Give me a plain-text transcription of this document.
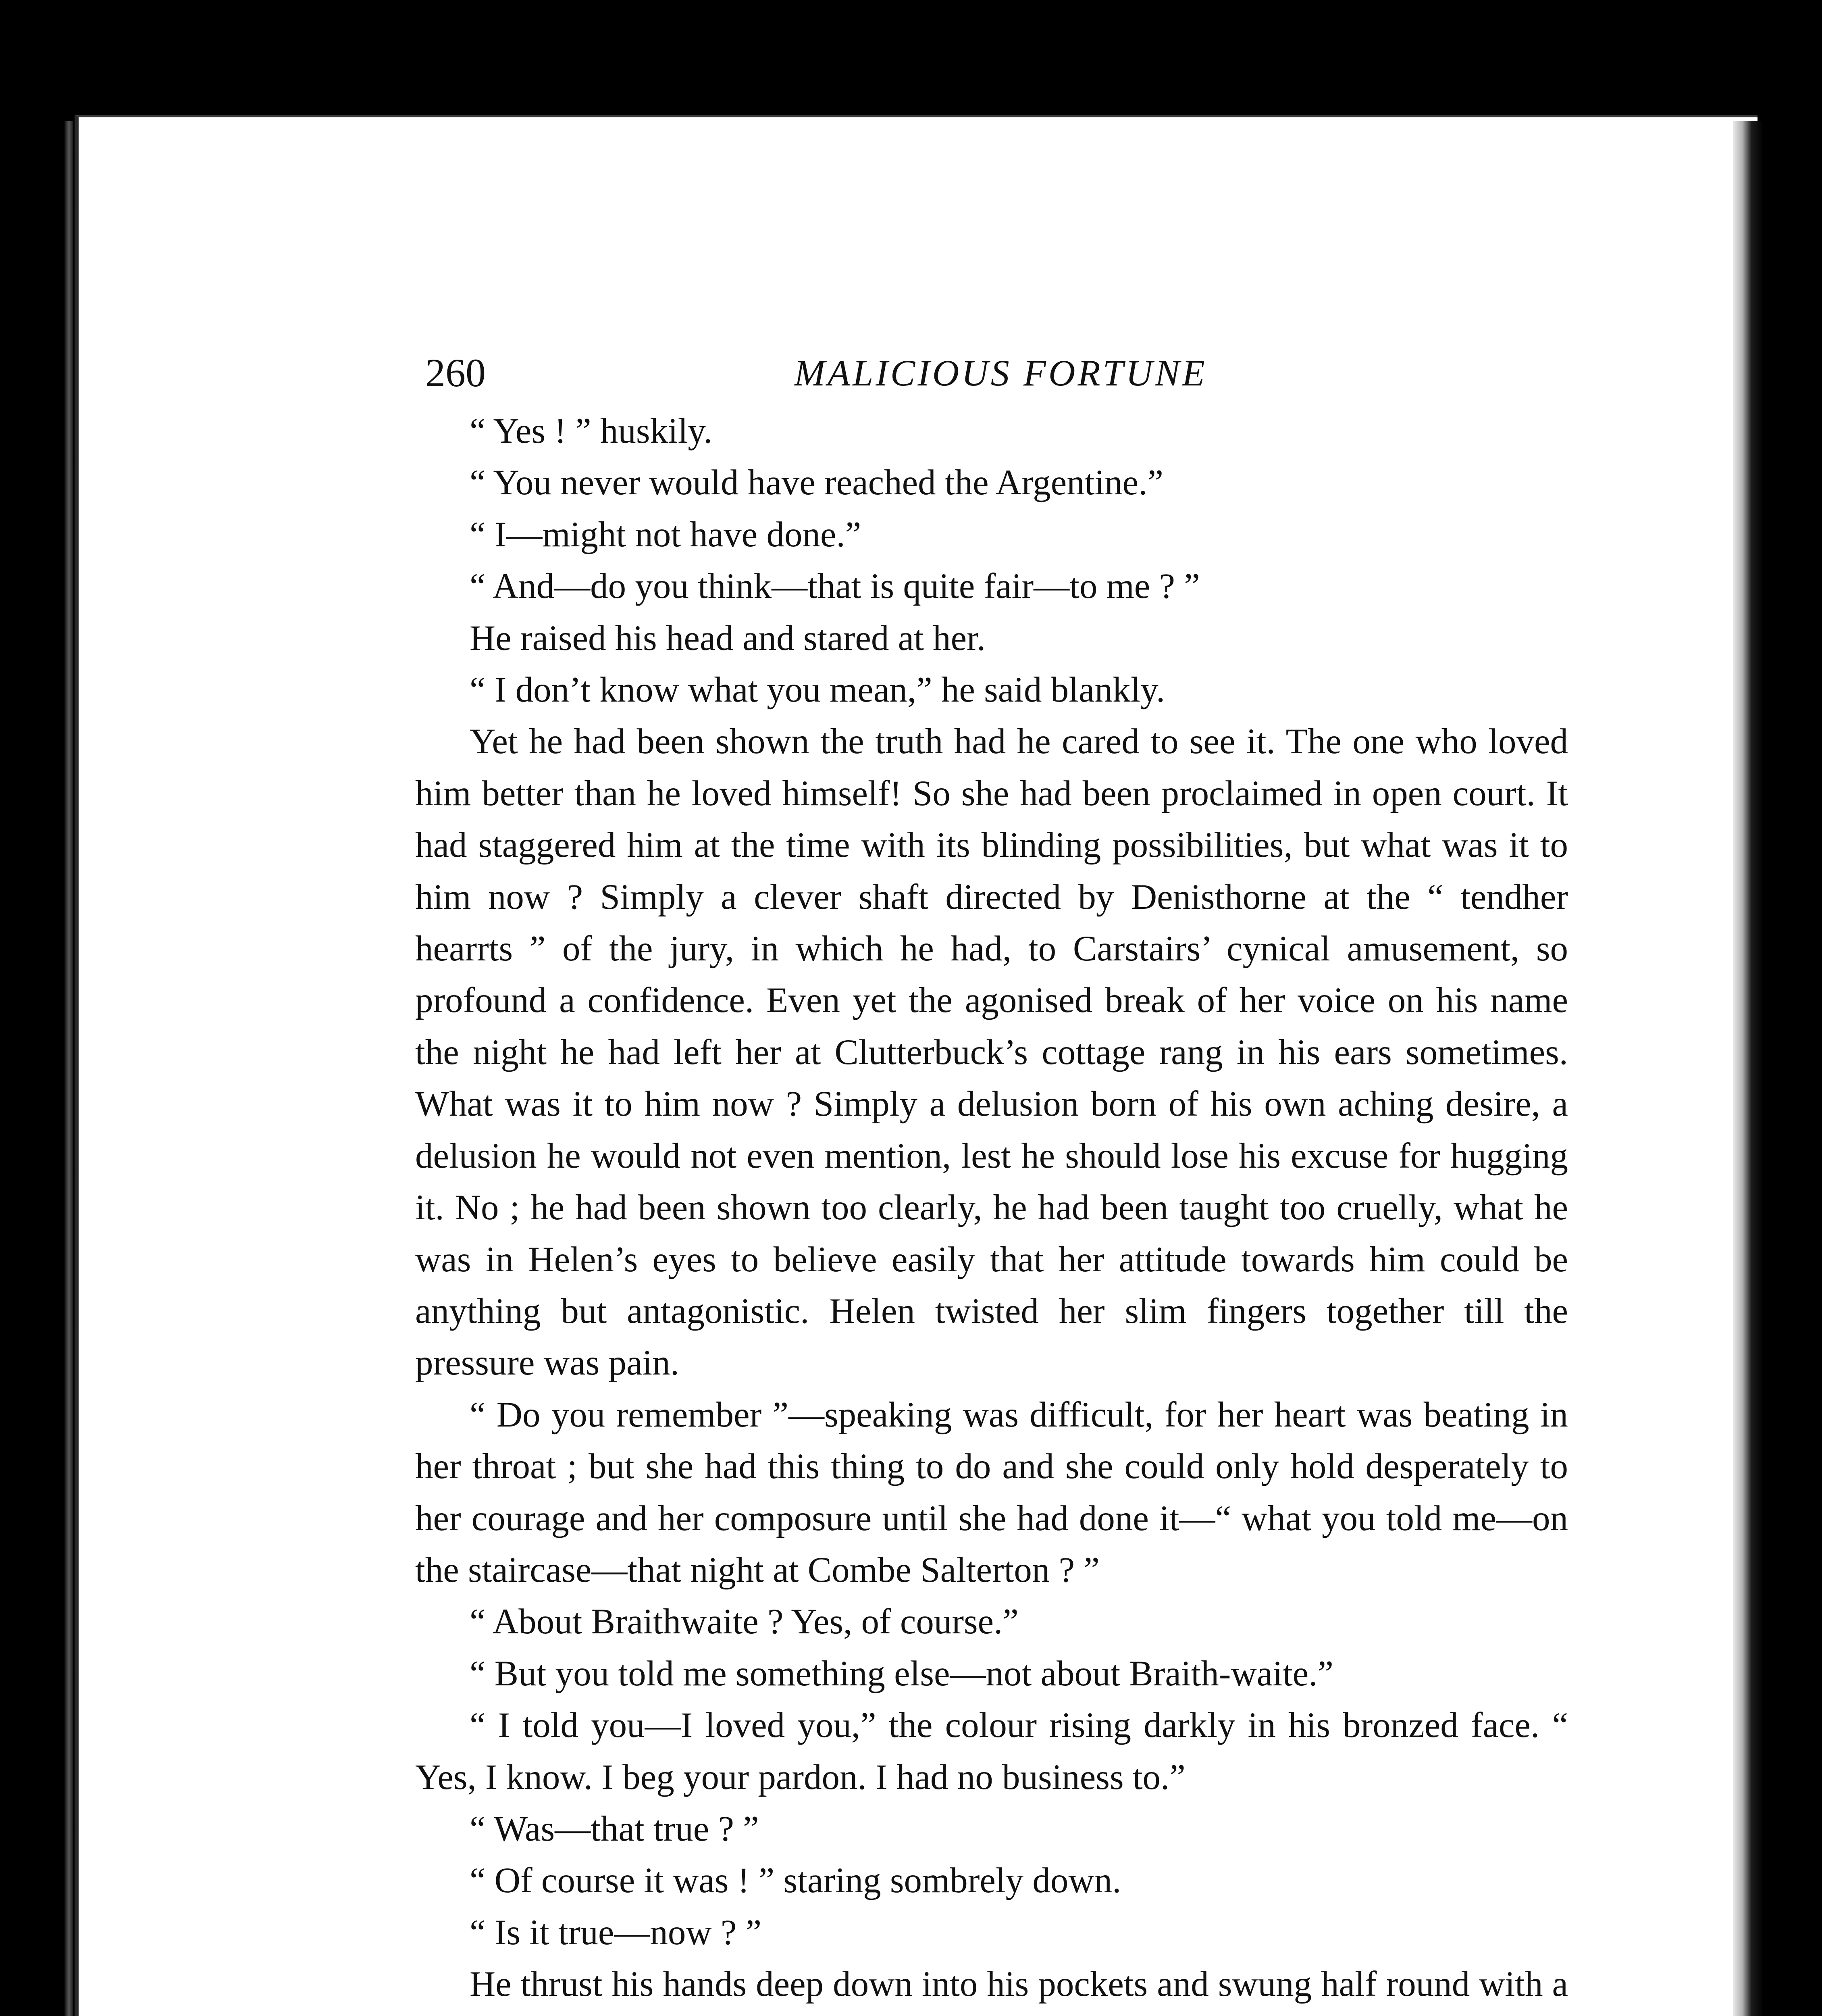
260	MALICIOUS FORTUNE

“ Yes ! ” huskily.

“ You never would have reached the Argentine.”

“ I—might not have done.”

“ And—do you think—that is quite fair—to me ? ”

He raised his head and stared at her.

“ I don’t know what you mean,” he said blankly.

Yet he had been shown the truth had he cared to see it. The one who loved him better than he loved himself! So she had been proclaimed in open court. It had staggered him at the time with its blinding possibilities, but what was it to him now ? Simply a clever shaft directed by Denisthorne at the “ tendher hearrts ” of the jury, in which he had, to Carstairs’ cynical amusement, so profound a confidence. Even yet the agonised break of her voice on his name the night he had left her at Clutterbuck’s cottage rang in his ears sometimes. What was it to him now ? Simply a delusion born of his own aching desire, a delusion he would not even mention, lest he should lose his excuse for hugging it. No ; he had been shown too clearly, he had been taught too cruelly, what he was in Helen’s eyes to believe easily that her attitude towards him could be anything but antagonistic. Helen twisted her slim fingers together till the pressure was pain.

“ Do you remember ”—speaking was difficult, for her heart was beating in her throat ; but she had this thing to do and she could only hold desperately to her courage and her composure until she had done it—“ what you told me—on the staircase—that night at Combe Salterton ? ”

“ About Braithwaite ? Yes, of course.”

“ But you told me something else—not about Braith-waite.”

“ I told you—I loved you,” the colour rising darkly in his bronzed face. “ Yes, I know. I beg your pardon. I had no business to.”

“ Was—that true ? ”

“ Of course it was ! ” staring sombrely down.

“ Is it true—now ? ”

He thrust his hands deep down into his pockets and swung half round with a
